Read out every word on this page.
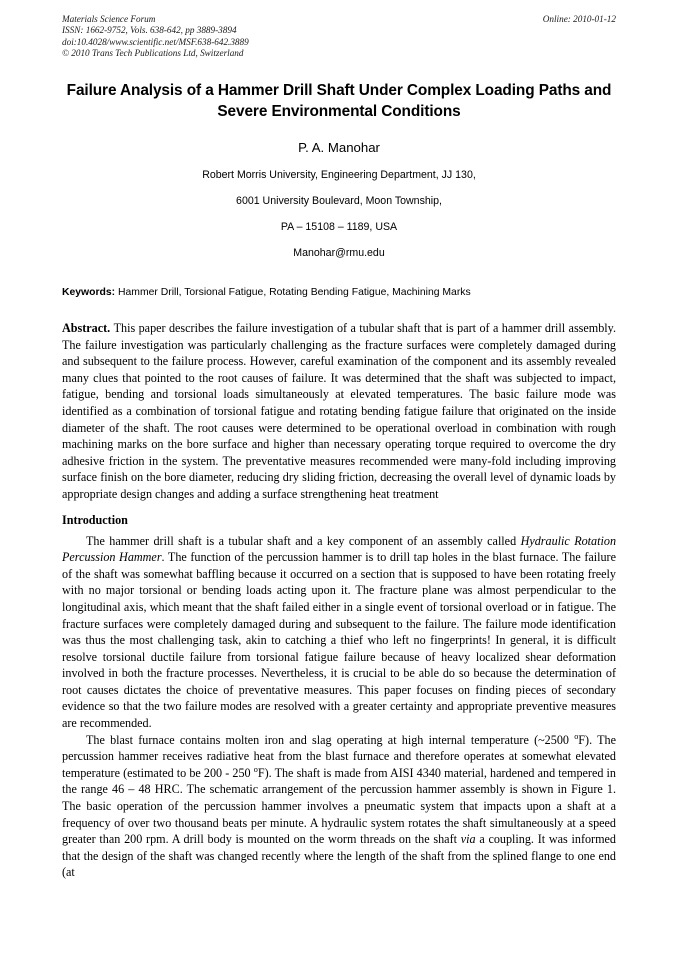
Materials Science Forum
ISSN: 1662-9752, Vols. 638-642, pp 3889-3894
doi:10.4028/www.scientific.net/MSF.638-642.3889
© 2010 Trans Tech Publications Ltd, Switzerland
Online: 2010-01-12
Failure Analysis of a Hammer Drill Shaft Under Complex Loading Paths and Severe Environmental Conditions
P. A. Manohar
Robert Morris University, Engineering Department, JJ 130,
6001 University Boulevard, Moon Township,
PA – 15108 – 1189, USA
Manohar@rmu.edu
Keywords: Hammer Drill, Torsional Fatigue, Rotating Bending Fatigue, Machining Marks

Abstract. This paper describes the failure investigation of a tubular shaft that is part of a hammer drill assembly. The failure investigation was particularly challenging as the fracture surfaces were completely damaged during and subsequent to the failure process. However, careful examination of the component and its assembly revealed many clues that pointed to the root causes of failure. It was determined that the shaft was subjected to impact, fatigue, bending and torsional loads simultaneously at elevated temperatures. The basic failure mode was identified as a combination of torsional fatigue and rotating bending fatigue failure that originated on the inside diameter of the shaft. The root causes were determined to be operational overload in combination with rough machining marks on the bore surface and higher than necessary operating torque required to overcome the dry adhesive friction in the system. The preventative measures recommended were many-fold including improving surface finish on the bore diameter, reducing dry sliding friction, decreasing the overall level of dynamic loads by appropriate design changes and adding a surface strengthening heat treatment

Introduction

The hammer drill shaft is a tubular shaft and a key component of an assembly called Hydraulic Rotation Percussion Hammer. The function of the percussion hammer is to drill tap holes in the blast furnace. The failure of the shaft was somewhat baffling because it occurred on a section that is supposed to have been rotating freely with no major torsional or bending loads acting upon it. The fracture plane was almost perpendicular to the longitudinal axis, which meant that the shaft failed either in a single event of torsional overload or in fatigue. The fracture surfaces were completely damaged during and subsequent to the failure. The failure mode identification was thus the most challenging task, akin to catching a thief who left no fingerprints! In general, it is difficult resolve torsional ductile failure from torsional fatigue failure because of heavy localized shear deformation involved in both the fracture processes. Nevertheless, it is crucial to be able do so because the determination of root causes dictates the choice of preventative measures. This paper focuses on finding pieces of secondary evidence so that the two failure modes are resolved with a greater certainty and appropriate preventive measures are recommended.

The blast furnace contains molten iron and slag operating at high internal temperature (~2500 $^o$F). The percussion hammer receives radiative heat from the blast furnace and therefore operates at somewhat elevated temperature (estimated to be 200 - 250 $^o$F). The shaft is made from AISI 4340 material, hardened and tempered in the range 46 – 48 HRC. The schematic arrangement of the percussion hammer assembly is shown in Figure 1. The basic operation of the percussion hammer involves a pneumatic system that impacts upon a shaft at a frequency of over two thousand beats per minute. A hydraulic system rotates the shaft simultaneously at a speed greater than 200 rpm. A drill body is mounted on the worm threads on the shaft via a coupling. It was informed that the design of the shaft was changed recently where the length of the shaft from the splined flange to one end (at
